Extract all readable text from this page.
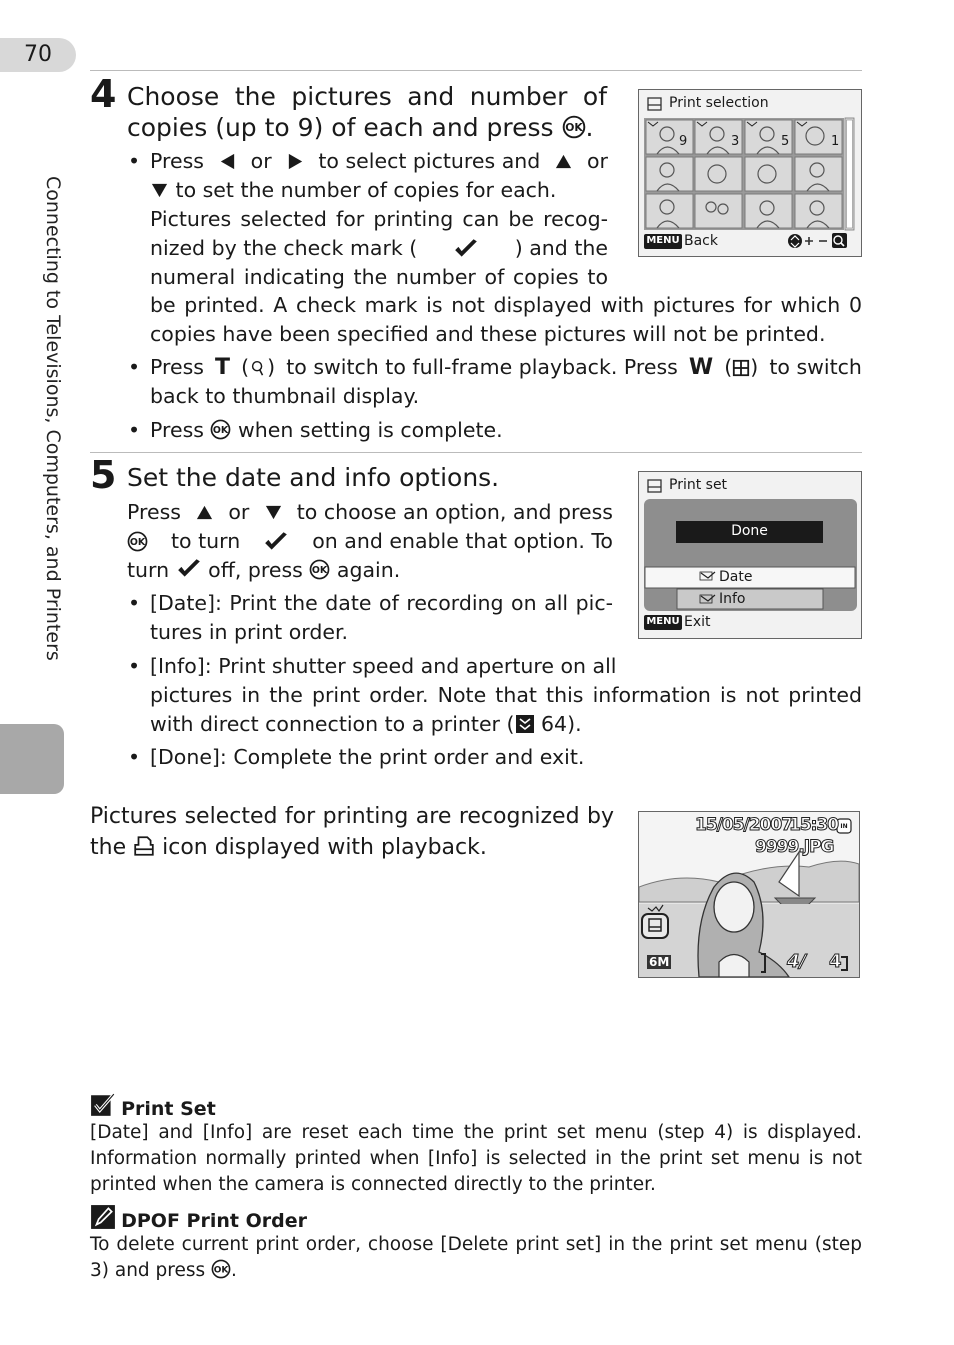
70
Connecting to Televisions, Computers, and Printers
4 Choose the pictures and number of
copies (up to 9) of each and press .
• Press or to select pictures and or
to set the number of copies for each.
Pictures selected for printing can be recog-
nized by the check mark (	) and the
numeral indicating the number of copies to
be printed. A check mark is not displayed with pictures for which 0
copies have been specified and these pictures will not be printed.
• Press T ( ) to switch to full-frame playback. Press W ( ) to switch
back to thumbnail display.
• Press when setting is complete.
Print selection
9	3	5	1
MENU Back
5 Set the date and info options.
Press or to choose an option, and press
to turn	on and enable that option. To
turn off, press again.
• [Date]: Print the date of recording on all pic-
tures in print order.
• [Info]: Print shutter speed and aperture on all
pictures in the print order. Note that this information is not printed
with direct connection to a printer ( 64).
• [Done]: Complete the print order and exit.
Print set
Done
Date
Info
MENU Exit
Pictures selected for printing are recognized by
the icon displayed with playback.
15/05/2007
15:30 IN
9999.JPG
6M	4/ 4
Print Set
[Date] and [Info] are reset each time the print set menu (step 4) is displayed.
Information normally printed when [Info] is selected in the print set menu is not
printed when the camera is connected directly to the printer.
DPOF Print Order
To delete current print order, choose [Delete print set] in the print set menu (step
3) and press .
